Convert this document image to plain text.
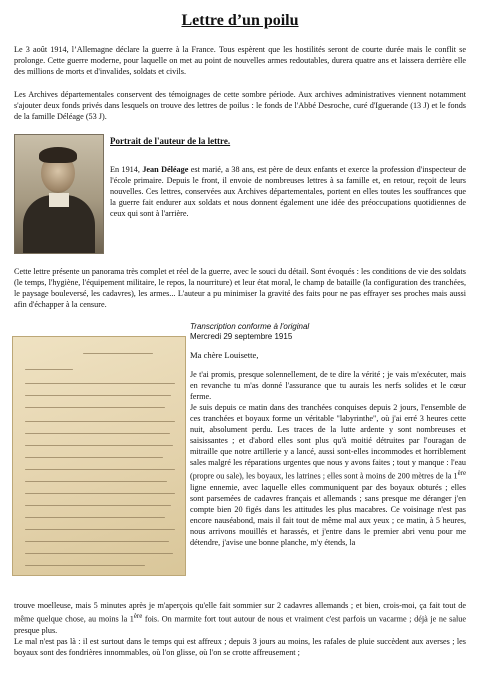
Lettre d’un poilu
Le 3 août 1914, l’Allemagne déclare la guerre à la France. Tous espèrent que les hostilités seront de courte durée mais le conflit se prolonge. Cette guerre moderne, pour laquelle on met au point de nouvelles armes redoutables, durera quatre ans et laissera derrière elle des millions de morts et d'invalides, soldats et civils.
Les Archives départementales conservent des témoignages de cette sombre période. Aux archives administratives viennent notamment s'ajouter deux fonds privés dans lesquels on trouve des lettres de poilus : le fonds de l'Abbé Desroche, curé d'Iguerande (13 J) et le fonds de la famille Déléage (53 J).
Portrait de l'auteur de la lettre.
En 1914, Jean Déléage est marié, a 38 ans, est père de deux enfants et exerce la profession d'inspecteur de l'école primaire. Depuis le front, il envoie de nombreuses lettres à sa famille et, en retour, reçoit de leurs nouvelles. Ces lettres, conservées aux Archives départementales, portent en elles toutes les souffrances que la guerre fait endurer aux soldats et nous donnent également une idée des préoccupations quotidiennes de ceux qui sont à l'arrière.
Cette lettre présente un panorama très complet et réel de la guerre, avec le souci du détail. Sont évoqués : les conditions de vie des soldats (le temps, l'hygiène, l'équipement militaire, le repos, la nourriture) et leur état moral, le champ de bataille (la configuration des tranchées, le paysage bouleversé, les cadavres), les armes... L'auteur a pu minimiser la gravité des faits pour ne pas effrayer ses proches mais aussi afin d'échapper à la censure.
Transcription conforme à l'original
Mercredi 29 septembre 1915
Ma chère Louisette,

Je t'ai promis, presque solennellement, de te dire la vérité ; je vais m'exécuter, mais en revanche tu m'as donné l'assurance que tu aurais les nerfs solides et le cœur ferme.

Je suis depuis ce matin dans des tranchées conquises depuis 2 jours, l'ensemble de ces tranchées et boyaux forme un véritable "labyrinthe", où j'ai erré 3 heures cette nuit, absolument perdu. Les traces de la lutte ardente y sont nombreuses et saisissantes ; et d'abord elles sont plus qu'à moitié détruites par l'ouragan de mitraille que notre artillerie y a lancé, aussi sont-elles incommodes et horriblement sales malgré les réparations urgentes que nous y avons faites ; tout y manque : l'eau (propre ou sale), les boyaux, les latrines ; elles sont à moins de 200 mètres de la 1ère ligne ennemie, avec laquelle elles communiquent par des boyaux obturés ; elles sont parsemées de cadavres français et allemands ; sans presque me déranger j'en compte bien 20 figés dans les attitudes les plus macabres. Ce voisinage n'est pas encore nauséabond, mais il fait tout de même mal aux yeux ; ce matin, à 5 heures, nous arrivons mouillés et harassés, et j'entre dans le premier abri venu pour me détendre, j'avise une bonne planche, m'y étends, la

trouve moelleuse, mais 5 minutes après je m'aperçois qu'elle fait sommier sur 2 cadavres allemands ; et bien, crois-moi, ça fait tout de même quelque chose, au moins la 1ère fois. On marmite fort tout autour de nous et vraiment c'est parfois un vacarme ; déjà je ne salue presque plus.

Le mal n'est pas là : il est surtout dans le temps qui est affreux ; depuis 3 jours au moins, les rafales de pluie succèdent aux averses ; les boyaux sont des fondrières innommables, où l'on glisse, où l'on se crotte affreusement ;
